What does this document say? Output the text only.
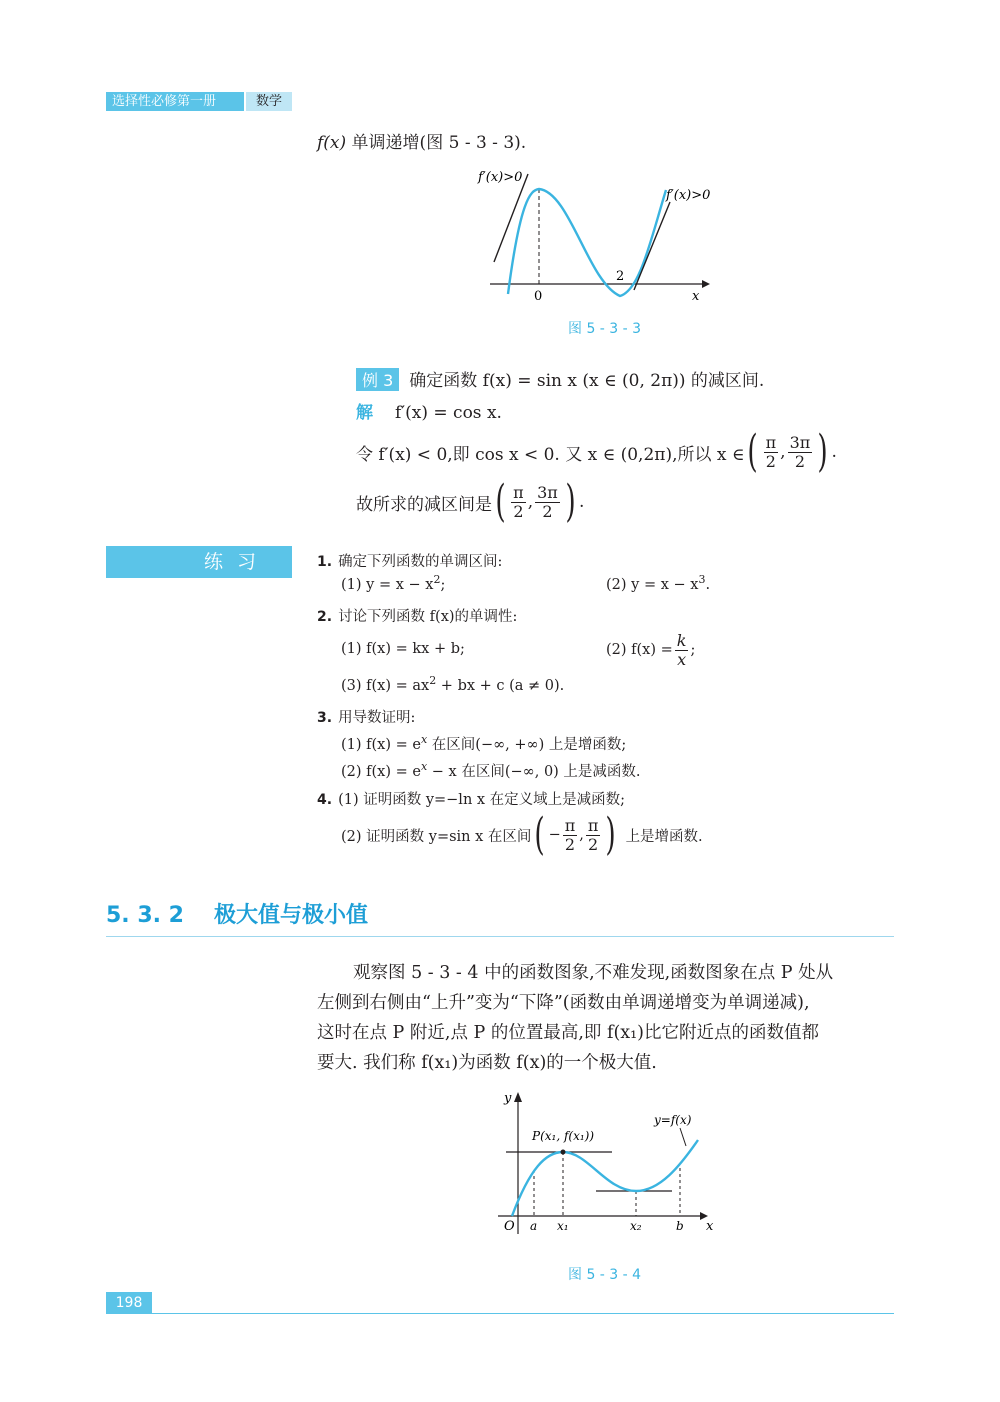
选择性必修第一册	数学
f(x) 单调递增(图 5 - 3 - 3).
f′(x)>0
f′(x)>0
0
2
x
图 5 - 3 - 3
例 3 确定函数 f(x) = sin x (x ∈ (0, 2π)) 的减区间.
解 f′(x) = cos x.
令 f′(x) < 0,即 cos x < 0. 又 x ∈ (0,2π),所以 x ∈ ( $\frac{\pi}{2}$ , $\frac{3\pi}{2}$ ) .
故所求的减区间是 ( $\frac{\pi}{2}$ , $\frac{3\pi}{2}$ ) .
练习	1. 确定下列函数的单调区间:
(1) $y = x - x^2$;	(2) $y = x - x^3$.
2. 讨论下列函数 f(x)的单调性:
(1) f(x) = kx + b;	(2) $f(x) = \frac{k}{x}$ ;
(3) $f(x) = ax^2$ + bx + c (a ≠ 0).
3. 用导数证明:
(1) $f(x) = e^x$ 在区间(−∞, +∞) 上是增函数;
(2) $f(x) = e^x - x$ 在区间(−∞, 0) 上是减函数.
4. (1) 证明函数 y=−ln x 在定义域上是减函数;
(2) 证明函数 y=sin x 在区间 ( − $\frac{\pi}{2}$ , $\frac{\pi}{2}$ ) 上是增函数.
5. 3. 2 极大值与极小值
观察图 5 - 3 - 4 中的函数图象,不难发现,函数图象在点 P 处从
左侧到右侧由“上升”变为“下降”(函数由单调递增变为单调递减),
这时在点 P 附近,点 P 的位置最高,即 f(x₁)比它附近点的函数值都
要大. 我们称 f(x₁)为函数 f(x)的一个极大值.
y
x
O a x₁	x₂	b
P(x₁, f(x₁))
y=f(x)
图 5 - 3 - 4
198
